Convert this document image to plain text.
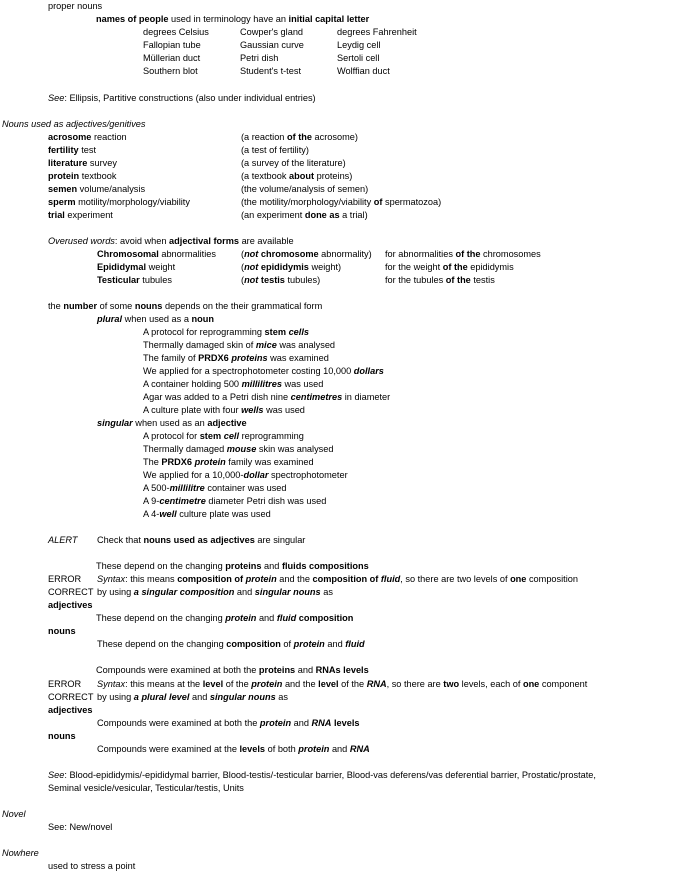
proper nouns
names of people used in terminology have an initial capital letter
degrees Celsius	Cowper's gland	degrees Fahrenheit
Fallopian tube	Gaussian curve	Leydig cell
Müllerian duct	Petri dish	Sertoli cell
Southern blot	Student's t-test	Wolffian duct
See: Ellipsis, Partitive constructions (also under individual entries)
Nouns used as adjectives/genitives
acrosome reaction	(a reaction of the acrosome)
fertility test	(a test of fertility)
literature survey	(a survey of the literature)
protein textbook	(a textbook about proteins)
semen volume/analysis	(the volume/analysis of semen)
sperm motility/morphology/viability	(the motility/morphology/viability of spermatozoa)
trial experiment	(an experiment done as a trial)
Overused words: avoid when adjectival forms are available
Chromosomal abnormalities	(not chromosome abnormality) for abnormalities of the chromosomes
Epididymal weight	(not epididymis weight)	for the weight of the epididymis
Testicular tubules	(not testis tubules)	for the tubules of the testis
the number of some nouns depends on the their grammatical form
plural when used as a noun
A protocol for reprogramming stem cells
Thermally damaged skin of mice was analysed
The family of PRDX6 proteins was examined
We applied for a spectrophotometer costing 10,000 dollars
A container holding 500 millilitres was used
Agar was added to a Petri dish nine centimetres in diameter
A culture plate with four wells was used
singular when used as an adjective
A protocol for stem cell reprogramming
Thermally damaged mouse skin was analysed
The PRDX6 protein family was examined
We applied for a 10,000-dollar spectrophotometer
A 500-millilitre container was used
A 9-centimetre diameter Petri dish was used
A 4-well culture plate was used
ALERT Check that nouns used as adjectives are singular
These depend on the changing proteins and fluids compositions
ERROR Syntax: this means composition of protein and the composition of fluid, so there are two levels of one composition
CORRECT by using a singular composition and singular nouns as
adjectives
These depend on the changing protein and fluid composition
nouns
These depend on the changing composition of protein and fluid
Compounds were examined at both the proteins and RNAs levels
ERROR Syntax: this means at the level of the protein and the level of the RNA, so there are two levels, each of one component
CORRECT by using a plural level and singular nouns as
adjectives
Compounds were examined at both the protein and RNA levels
nouns
Compounds were examined at the levels of both protein and RNA
See: Blood-epididymis/-epididymal barrier, Blood-testis/-testicular barrier, Blood-vas deferens/vas deferential barrier, Prostatic/prostate,
Seminal vesicle/vesicular, Testicular/testis, Units
Novel
See: New/novel
Nowhere
used to stress a point
